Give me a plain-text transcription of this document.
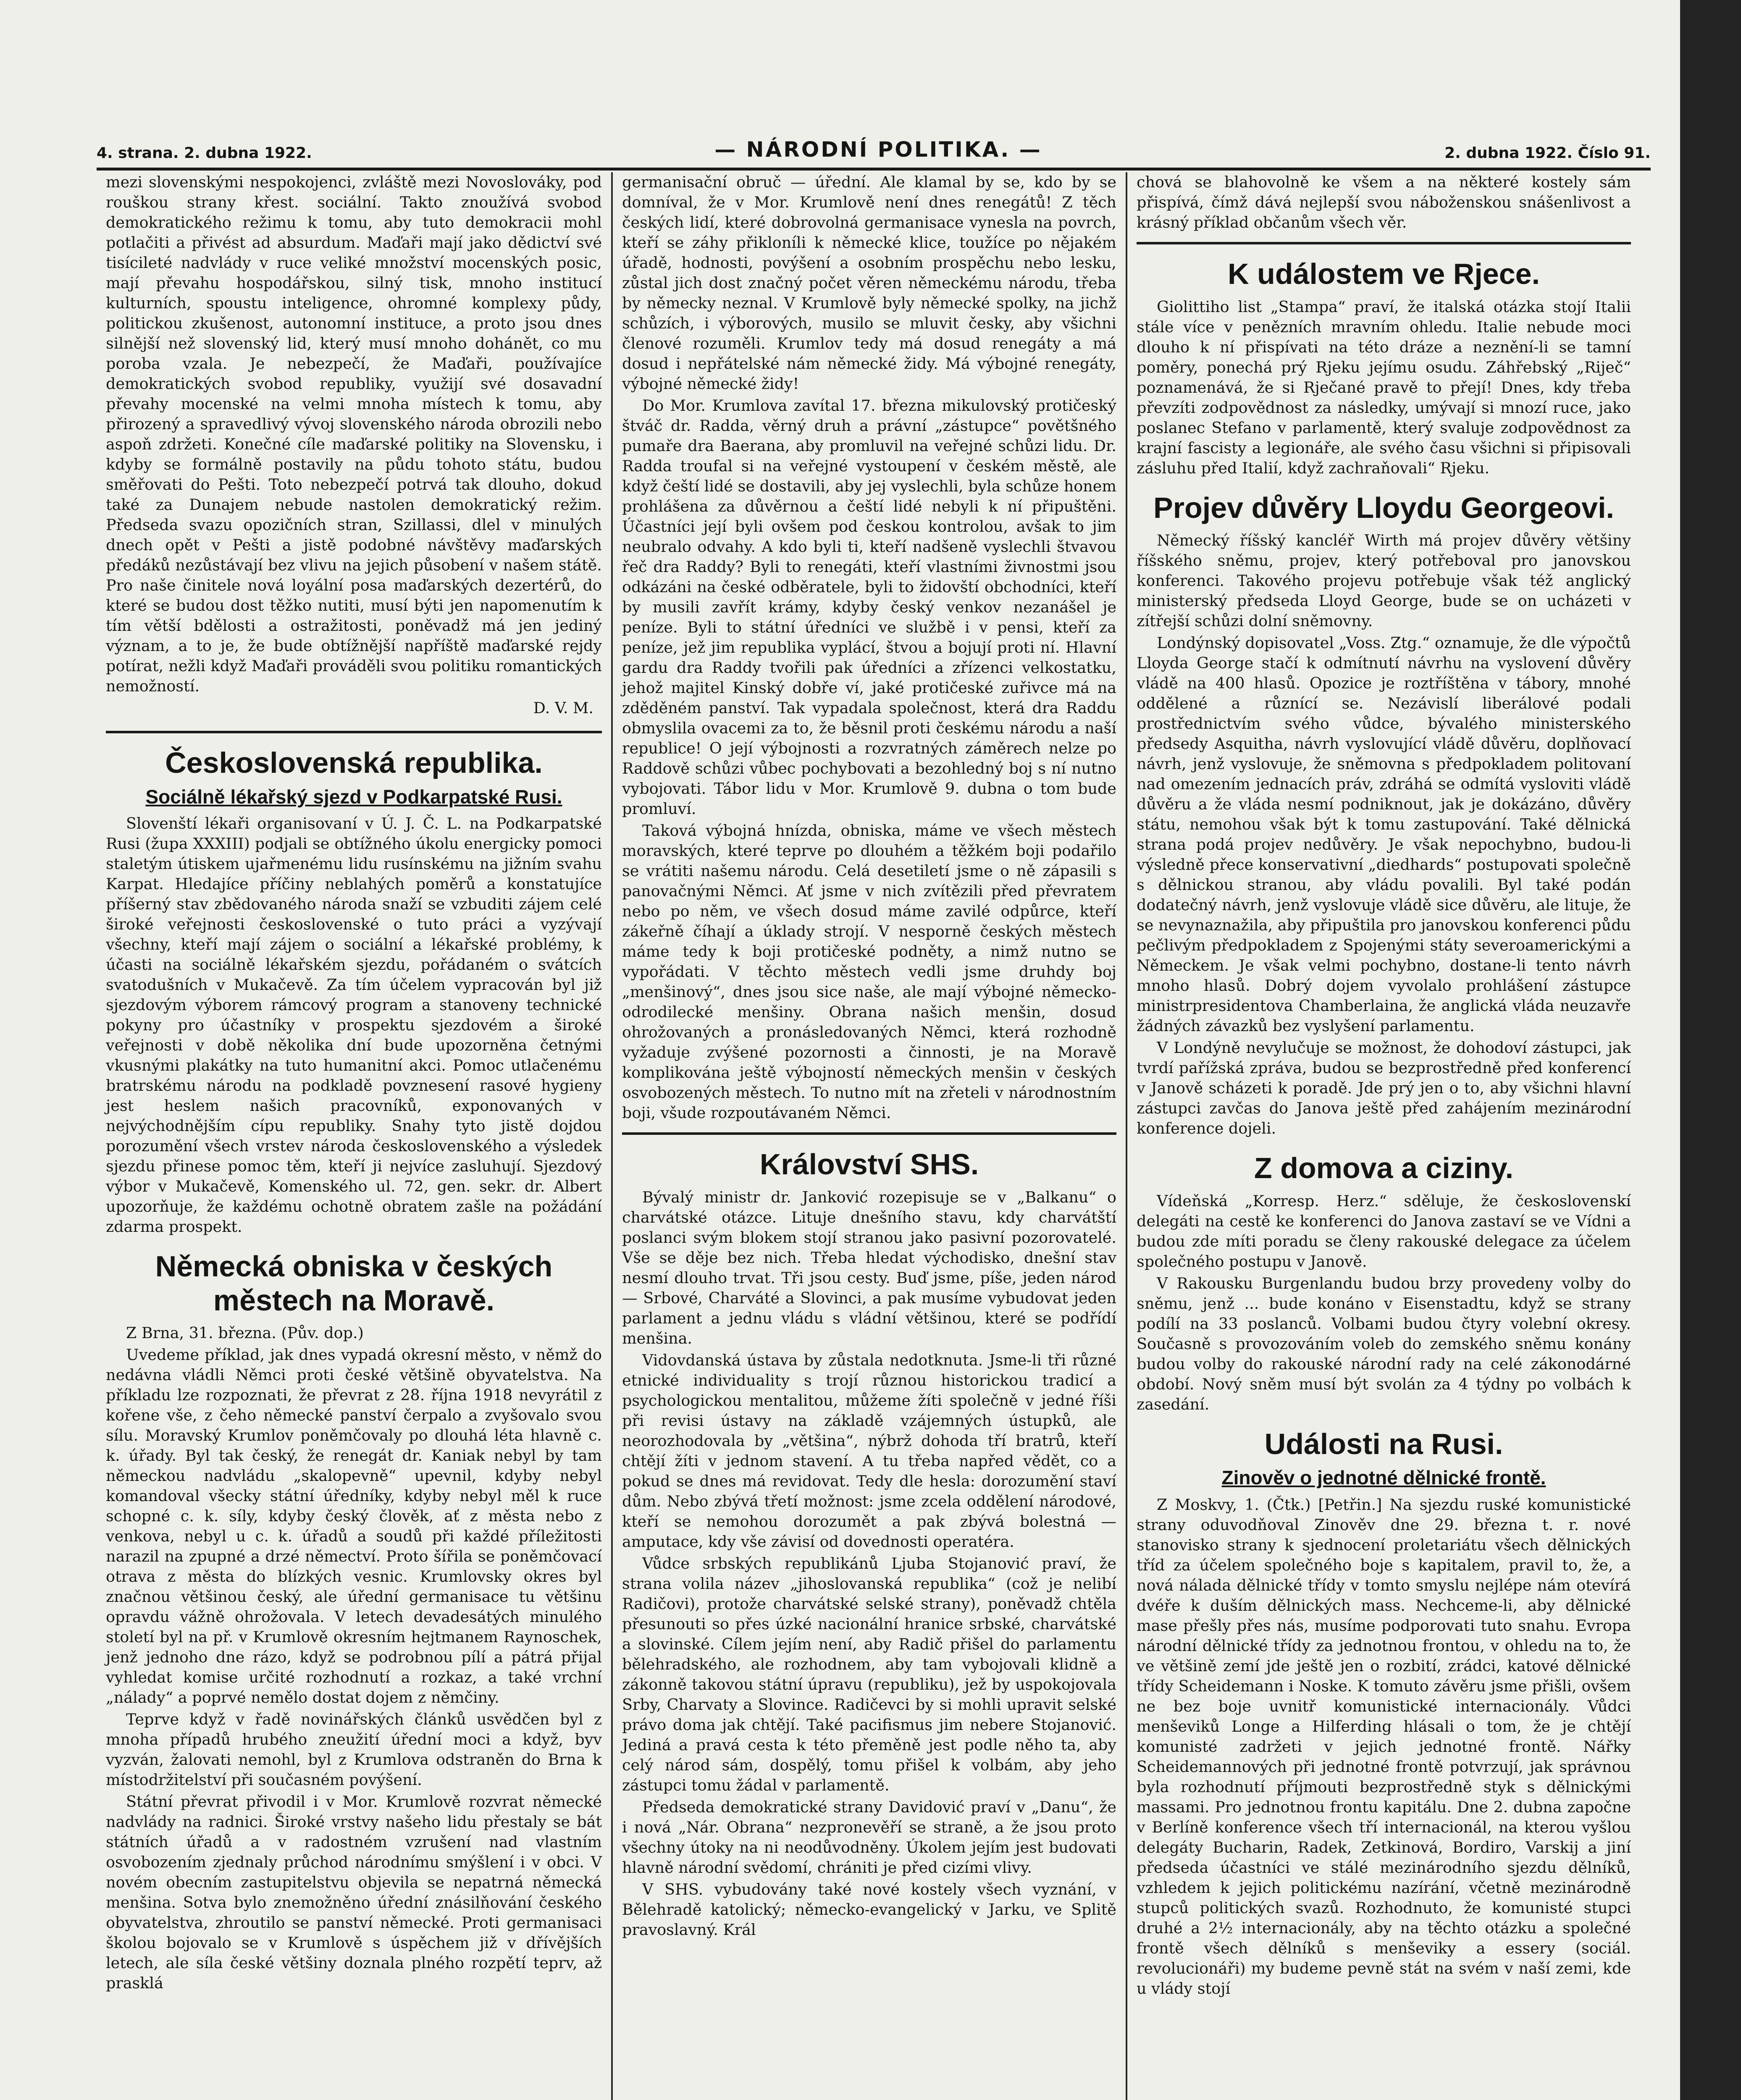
4. strana. 2. dubna 1922.	— NÁRODNÍ POLITIKA. —	2. dubna 1922. Číslo 91.

mezi slovenskými nespokojenci, zvláště mezi Novoslováky, pod rouškou strany křest. sociální. Takto znoužívá svobod demokratického režimu k tomu, aby tuto demokracii mohl potlačiti a přivést ad absurdum. Maďaři mají jako dědictví své tisícileté nadvlády v ruce veliké množství mocenských posic, mají převahu hospodářskou, silný tisk, mnoho institucí kulturních, spoustu inteligence, ohromné komplexy půdy, politickou zkušenost, autonomní instituce, a proto jsou dnes silnější než slovenský lid, který musí mnoho dohánět, co mu poroba vzala. Je nebezpečí, že Maďaři, používajíce demokratických svobod republiky, využijí své dosavadní převahy mocenské na velmi mnoha místech k tomu, aby přirozený a spravedlivý vývoj slovenského národa obrozili nebo aspoň zdržeti. Konečné cíle maďarské politiky na Slovensku, i kdyby se formálně postavily na půdu tohoto státu, budou směřovati do Pešti. Toto nebezpečí potrvá tak dlouho, dokud také za Dunajem nebude nastolen demokratický režim. Předseda svazu opozičních stran, Szillassi, dlel v minulých dnech opět v Pešti a jistě podobné návštěvy maďarských předáků nezůstávají bez vlivu na jejich působení v našem státě. Pro naše činitele nová loyální posa maďarských dezertérů, do které se budou dost těžko nutiti, musí býti jen napomenutím k tím větší bdělosti a ostražitosti, poněvadž má jen jediný význam, a to je, že bude obtížnější napříště maďarské rejdy potírat, nežli když Maďaři prováděli svou politiku romantických nemožností.

D. V. M.

Československá republika.
Sociálně lékařský sjezd v Podkarpatské Rusi.

Slovenští lékaři organisovaní v Ú. J. Č. L. na Podkarpatské Rusi (župa XXXIII) podjali se obtížného úkolu energicky pomoci staletým útiskem ujařmenému lidu rusínskému na jižním svahu Karpat. Hledajíce příčiny neblahých poměrů a konstatujíce příšerný stav zbědovaného národa snaží se vzbuditi zájem celé široké veřejnosti československé o tuto práci a vyzývají všechny, kteří mají zájem o sociální a lékařské problémy, k účasti na sociálně lékařském sjezdu, pořádaném o svátcích svatodušních v Mukačevě. Za tím účelem vypracován byl již sjezdovým výborem rámcový program a stanoveny technické pokyny pro účastníky v prospektu sjezdovém a široké veřejnosti v době několika dní bude upozorněna četnými vkusnými plakátky na tuto humanitní akci. Pomoc utlačenému bratrskému národu na podkladě povznesení rasové hygieny jest heslem našich pracovníků, exponovaných v nejvýchodnějším cípu republiky. Snahy tyto jistě dojdou porozumění všech vrstev národa československého a výsledek sjezdu přinese pomoc těm, kteří ji nejvíce zasluhují. Sjezdový výbor v Mukačevě, Komenského ul. 72, gen. sekr. dr. Albert upozorňuje, že každému ochotně obratem zašle na požádání zdarma prospekt.

Německá obniska v českých městech na Moravě.

Z Brna, 31. března. (Pův. dop.)

Uvedeme příklad, jak dnes vypadá okresní město, v němž do nedávna vládli Němci proti české většině obyvatelstva. Na příkladu lze rozpoznati, že převrat z 28. října 1918 nevyrátil z kořene vše, z čeho německé panství čerpalo a zvyšovalo svou sílu. Moravský Krumlov poněmčovaly po dlouhá léta hlavně c. k. úřady. Byl tak český, že renegát dr. Kaniak nebyl by tam německou nadvládu „skalopevně“ upevnil, kdyby nebyl komandoval všecky státní úředníky, kdyby nebyl měl k ruce schopné c. k. síly, kdyby český člověk, ať z města nebo z venkova, nebyl u c. k. úřadů a soudů při každé příležitosti narazil na zpupné a drzé němectví. Proto šířila se poněmčovací otrava z města do blízkých vesnic. Krumlovsky okres byl značnou většinou český, ale úřední germanisace tu většinu opravdu vážně ohrožovala. V letech devadesátých minulého století byl na př. v Krumlově okresním hejtmanem Raynoschek, jenž jednoho dne rázo, když se podrobnou pílí a pátrá přijal vyhledat komise určité rozhodnutí a rozkaz, a také vrchní „nálady“ a poprvé nemělo dostat dojem z němčiny.

Teprve když v řadě novinářských článků usvědčen byl z mnoha případů hrubého zneužití úřední moci a když, byv vyzván, žalovati nemohl, byl z Krumlova odstraněn do Brna k místodržitelství při současném povýšení.

Státní převrat přivodil i v Mor. Krumlově rozvrat německé nadvlády na radnici. Široké vrstvy našeho lidu přestaly se bát státních úřadů a v radostném vzrušení nad vlastním osvobozením zjednaly průchod národnímu smýšlení i v obci. V novém obecním zastupitelstvu objevila se nepatrná německá menšina. Sotva bylo znemožněno úřední znásilňování českého obyvatelstva, zhroutilo se panství německé. Proti germanisaci školou bojovalo se v Krumlově s úspěchem již v dřívějších letech, ale síla české většiny doznala plného rozpětí teprv, až prasklá

germanisační obruč — úřední. Ale klamal by se, kdo by se domníval, že v Mor. Krumlově není dnes renegátů! Z těch českých lidí, které dobrovolná germanisace vynesla na povrch, kteří se záhy přikloníli k německé klice, toužíce po nějakém úřadě, hodnosti, povýšení a osobním prospěchu nebo lesku, zůstal jich dost značný počet věren německému národu, třeba by německy neznal. V Krumlově byly německé spolky, na jichž schůzích, i výborových, musilo se mluvit česky, aby všichni členové rozuměli. Krumlov tedy má dosud renegáty a má dosud i nepřátelské nám německé židy. Má výbojné renegáty, výbojné německé židy!

Do Mor. Krumlova zavítal 17. března mikulovský protičeský štváč dr. Radda, věrný druh a právní „zástupce“ povětšného pumaře dra Baerana, aby promluvil na veřejné schůzi lidu. Dr. Radda troufal si na veřejné vystoupení v českém městě, ale když čeští lidé se dostavili, aby jej vyslechli, byla schůze honem prohlášena za důvěrnou a čeští lidé nebyli k ní připuštěni. Účastníci její byli ovšem pod českou kontrolou, avšak to jim neubralo odvahy. A kdo byli ti, kteří nadšeně vyslechli štvavou řeč dra Raddy? Byli to renegáti, kteří vlastními živnostmi jsou odkázáni na české odběratele, byli to židovští obchodníci, kteří by musili zavřít krámy, kdyby český venkov nezanášel je peníze. Byli to státní úředníci ve službě i v pensi, kteří za peníze, jež jim republika vyplácí, štvou a bojují proti ní. Hlavní gardu dra Raddy tvořili pak úředníci a zřízenci velkostatku, jehož majitel Kinský dobře ví, jaké protičeské zuřivce má na zděděném panství. Tak vypadala společnost, která dra Raddu obmyslila ovacemi za to, že běsnil proti českému národu a naší republice! O její výbojnosti a rozvratných záměrech nelze po Raddově schůzi vůbec pochybovati a bezohledný boj s ní nutno vybojovati. Tábor lidu v Mor. Krumlově 9. dubna o tom bude promluví.

Taková výbojná hnízda, obniska, máme ve všech městech moravských, které teprve po dlouhém a těžkém boji podařilo se vrátiti našemu národu. Celá desetiletí jsme o ně zápasili s panovačnými Němci. Ať jsme v nich zvítězili před převratem nebo po něm, ve všech dosud máme zavilé odpůrce, kteří zákeřně číhají a úklady strojí. V nesporně českých městech máme tedy k boji protičeské podněty, a nimž nutno se vypořádati. V těchto městech vedli jsme druhdy boj „menšinový“, dnes jsou sice naše, ale mají výbojné německo-odrodilecké menšiny. Obrana našich menšin, dosud ohrožovaných a pronásledovaných Němci, která rozhodně vyžaduje zvýšené pozornosti a činnosti, je na Moravě komplikována ještě výbojností německých menšin v českých osvobozených městech. To nutno mít na zřeteli v národnostním boji, všude rozpoutávaném Němci.

Království SHS.

Bývalý ministr dr. Janković rozepisuje se v „Balkanu“ o charvátské otázce. Lituje dnešního stavu, kdy charvátští poslanci svým blokem stojí stranou jako pasivní pozorovatelé. Vše se děje bez nich. Třeba hledat východisko, dnešní stav nesmí dlouho trvat. Tři jsou cesty. Buď jsme, píše, jeden národ — Srbové, Charváté a Slovinci, a pak musíme vybudovat jeden parlament a jednu vládu s vládní většinou, které se podřídí menšina.

Vidovdanská ústava by zůstala nedotknuta. Jsme-li tři různé etnické individuality s trojí různou historickou tradicí a psychologickou mentalitou, můžeme žíti společně v jedné říši při revisi ústavy na základě vzájemných ústupků, ale neorozhodovala by „většina“, nýbrž dohoda tří bratrů, kteří chtějí žíti v jednom stavení. A tu třeba napřed vědět, co a pokud se dnes má revidovat. Tedy dle hesla: dorozumění staví dům. Nebo zbývá třetí možnost: jsme zcela oddělení národové, kteří se nemohou dorozumět a pak zbývá bolestná — amputace, kdy vše závisí od dovednosti operatéra.

Vůdce srbských republikánů Ljuba Stojanović praví, že strana volila název „jihoslovanská republika“ (což je nelibí Radičovi), protože charvátské selské strany), poněvadž chtěla přesunouti so přes úzké nacionální hranice srbské, charvátské a slovinské. Cílem jejím není, aby Radič přišel do parlamentu bělehradského, ale rozhodnem, aby tam vybojovali klidně a zákonně takovou státní úpravu (republiku), jež by uspokojovala Srby, Charvaty a Slovince. Radičevci by si mohli upravit selské právo doma jak chtějí. Také pacifismus jim nebere Stojanović. Jediná a pravá cesta k této přeměně jest podle něho ta, aby celý národ sám, dospělý, tomu přišel k volbám, aby jeho zástupci tomu žádal v parlamentě.

Předseda demokratické strany Davidović praví v „Danu“, že i nová „Nár. Obrana“ nezpronevěří se straně, a že jsou proto všechny útoky na ni neodůvodněny. Úkolem jejím jest budovati hlavně národní svědomí, chrániti je před cizími vlivy.

V SHS. vybudovány také nové kostely všech vyznání, v Bělehradě katolický; německo-evangelický v Jarku, ve Splitě pravoslavný. Král

chová se blahovolně ke všem a na některé kostely sám přispívá, čímž dává nejlepší svou náboženskou snášenlivost a krásný příklad občanům všech věr.

K událostem ve Rjece.

Giolittiho list „Stampa“ praví, že italská otázka stojí Italii stále více v penězních mravním ohledu. Italie nebude moci dlouho k ní přispívati na této dráze a neznění-li se tamní poměry, ponechá prý Rjeku jejímu osudu. Záhřebský „Riječ“ poznamenává, že si Rječané pravě to přejí! Dnes, kdy třeba převzíti zodpovědnost za následky, umývají si mnozí ruce, jako poslanec Stefano v parlamentě, který svaluje zodpovědnost za krajní fascisty a legionáře, ale svého času všichni si připisovali zásluhu před Italií, když zachraňovali“ Rjeku.

Projev důvěry Lloydu Georgeovi.

Německý říšský kancléř Wirth má projev důvěry většiny říšského sněmu, projev, který potřeboval pro janovskou konferenci. Takového projevu potřebuje však též anglický ministerský předseda Lloyd George, bude se on ucházeti v zítřejší schůzi dolní sněmovny.

Londýnský dopisovatel „Voss. Ztg.“ oznamuje, že dle výpočtů Lloyda George stačí k odmítnutí návrhu na vyslovení důvěry vládě na 400 hlasů. Opozice je roztříštěna v tábory, mnohé oddělené a různící se. Nezávislí liberálové podali prostřednictvím svého vůdce, bývalého ministerského předsedy Asquitha, návrh vyslovující vládě důvěru, doplňovací návrh, jenž vyslovuje, že sněmovna s předpokladem politovaní nad omezením jednacích práv, zdráhá se odmítá vysloviti vládě důvěru a že vláda nesmí podniknout, jak je dokázáno, důvěry státu, nemohou však být k tomu zastupování. Také dělnická strana podá projev nedůvěry. Je však nepochybno, budou-li výsledně přece konservativní „diedhards“ postupovati společně s dělnickou stranou, aby vládu povalili. Byl také podán dodatečný návrh, jenž vyslovuje vládě sice důvěru, ale lituje, že se nevynaznažila, aby připuštila pro janovskou konferenci půdu pečlivým předpokladem z Spojenými státy severoamerickými a Německem. Je však velmi pochybno, dostane-li tento návrh mnoho hlasů. Dobrý dojem vyvolalo prohlášení zástupce ministrpresidentova Chamberlaina, že anglická vláda neuzavře žádných závazků bez vyslyšení parlamentu.

V Londýně nevylučuje se možnost, že dohodoví zástupci, jak tvrdí pařížská zpráva, budou se bezprostředně před konferencí v Janově scházeti k poradě. Jde prý jen o to, aby všichni hlavní zástupci zavčas do Janova ještě před zahájením mezinárodní konference dojeli.

Z domova a ciziny.

Vídeňská „Korresp. Herz.“ sděluje, že československí delegáti na cestě ke konferenci do Janova zastaví se ve Vídni a budou zde míti poradu se členy rakouské delegace za účelem společného postupu v Janově.

V Rakousku Burgenlandu budou brzy provedeny volby do sněmu, jenž ... bude konáno v Eisenstadtu, když se strany podílí na 33 poslanců. Volbami budou čtyry volební okresy. Současně s provozováním voleb do zemského sněmu konány budou volby do rakouské národní rady na celé zákonodárné období. Nový sněm musí být svolán za 4 týdny po volbách k zasedání.

Události na Rusi.
Zinověv o jednotné dělnické frontě.

Z Moskvy, 1. (Čtk.) [Petřin.] Na sjezdu ruské komunistické strany oduvodňoval Zinověv dne 29. března t. r. nové stanovisko strany k sjednocení proletariátu všech dělnických tříd za účelem společného boje s kapitalem, pravil to, že, a nová nálada dělnické třídy v tomto smyslu nejlépe nám otevírá dvéře k duším dělnických mass. Nechceme-li, aby dělnické mase přešly přes nás, musíme podporovati tuto snahu. Evropa národní dělnické třídy za jednotnou frontou, v ohledu na to, že ve většině zemí jde ještě jen o rozbití, zrádci, katové dělnické třídy Scheidemann i Noske. K tomuto závěru jsme přišli, ovšem ne bez boje uvnitř komunistické internacionály. Vůdci menševiků Longe a Hilferding hlásali o tom, že je chtějí komunisté zadržeti v jejich jednotné frontě. Nářky Scheidemannových při jednotné frontě potvrzují, jak správnou byla rozhodnutí příjmouti bezprostředně styk s dělnickými massami. Pro jednotnou frontu kapitálu. Dne 2. dubna započne v Berlíně konference všech tří internacionál, na kterou vyšlou delegáty Bucharin, Radek, Zetkinová, Bordiro, Varskij a jiní předseda účastníci ve stálé mezinárodního sjezdu dělníků, vzhledem k jejich politickému nazírání, včetně mezinárodně stupců politických svazů. Rozhodnuto, že komunisté stupci druhé a 2½ internacionály, aby na těchto otázku a společné frontě všech dělníků s menševiky a essery (sociál. revolucionáři) my budeme pevně stát na svém v naší zemi, kde u vlády stojí
